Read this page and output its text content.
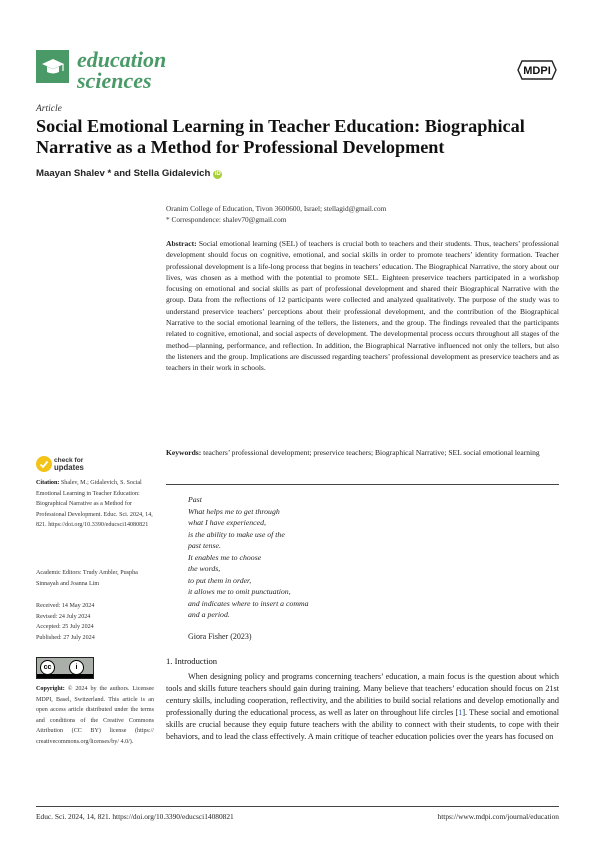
education
sciences	MDPI
Article
Social Emotional Learning in Teacher Education: Biographical Narrative as a Method for Professional Development
Maayan Shalev * and Stella Gidalevich iD
Oranim College of Education, Tivon 3600600, Israel; stellagid@gmail.com
* Correspondence: shalev70@gmail.com
Abstract: Social emotional learning (SEL) of teachers is crucial both to teachers and their students. Thus, teachers’ professional development should focus on cognitive, emotional, and social skills in order to promote teachers’ identity formation. Teacher professional development is a life-long process that begins in teachers’ education. The Biographical Narrative, the story about our lives, was chosen as a method with the potential to promote SEL. Eighteen preservice teachers participated in a workshop focusing on emotional and social skills as part of professional development and shared their Biographical Narrative with the group. Data from the reflections of 12 participants were collected and analyzed qualitatively. The purpose of the study was to understand preservice teachers’ perceptions about their professional development, and the contribution of the Biographical Narrative to the social emotional learning of the tellers, the listeners, and the group. The findings revealed that the participants related to cognitive, emotional, and social aspects of development. The developmental process occurs throughout all stages of the method—planning, performance, and reflection. In addition, the Biographical Narrative influenced not only the tellers, but also the listeners and the group. Implications are discussed regarding teachers’ professional development as preservice teachers and as teachers in their work in schools.
Keywords: teachers’ professional development; preservice teachers; Biographical Narrative; SEL social emotional learning
Past
What helps me to get through
what I have experienced,
is the ability to make use of the
past tense.
It enables me to choose
the words,
to put them in order,
it allows me to omit punctuation,
and indicates where to insert a comma
and a period.
Giora Fisher (2023)
1. Introduction
When designing policy and programs concerning teachers’ education, a main focus is the question about which tools and skills future teachers should gain during training. Many believe that teachers’ education should focus on 21st century skills, including cooperation, reflectivity, and the abilities to build social relations and develop emotionally and professionally during the educational process, as well as later on throughout life circles [1]. These social and emotional skills are crucial because they equip future teachers with the ability to connect with their students, to cope with their behaviors, and to lead the class effectively. A main critique of teacher education policies over the years has focused on
check for
updates
Citation: Shalev, M.; Gidalevich, S. Social Emotional Learning in Teacher Education: Biographical Narrative as a Method for Professional Development. Educ. Sci. 2024, 14, 821. https://doi.org/10.3390/educsci14080821
Academic Editors: Trudy Ambler, Puspha Sinnayah and Joanna Lim
Received: 14 May 2024
Revised: 24 July 2024
Accepted: 25 July 2024
Published: 27 July 2024
cc	i
Copyright: © 2024 by the authors. Licensee MDPI, Basel, Switzerland. This article is an open access article distributed under the terms and conditions of the Creative Commons Attribution (CC BY) license (https:// creativecommons.org/licenses/by/ 4.0/).
Educ. Sci. 2024, 14, 821. https://doi.org/10.3390/educsci14080821	https://www.mdpi.com/journal/education
